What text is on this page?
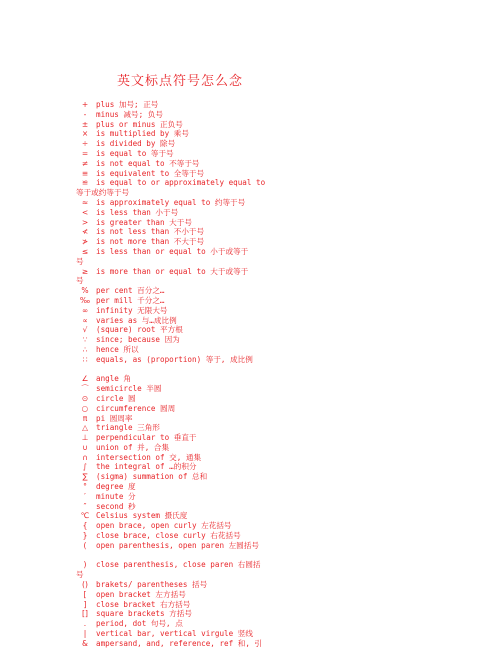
英文标点符号怎么念
+	plus 加号; 正号
-	minus 减号; 负号
±	plus or minus 正负号
×	is multiplied by 乘号
÷	is divided by 除号
=	is equal to 等于号
≠	is not equal to 不等于号
≡	is equivalent to 全等于号
≌	is equal to or approximately equal to
等于或约等于号
≈	is approximately equal to 约等于号
<	is less than 小于号
>	is greater than 大于号
≮	is not less than 不小于号
≯	is not more than 不大于号
≤	is less than or equal to 小于或等于
号
≥	is more than or equal to 大于或等于
号
% per cent 百分之…
‰ per mill 千分之…
∞	infinity 无限大号
∝	varies as 与…成比例
√	(square) root 平方根
∵	since; because 因为
∴	hence 所以
∷	equals, as (proportion) 等于, 成比例
∠ angle 角
⌒ semicircle 半圆
⊙	circle 圆
○	circumference 圆周
π	pi 圆周率
△	triangle 三角形
⊥	perpendicular to 垂直于
∪	union of 并, 合集
∩	intersection of 交, 通集
∫	the integral of …的积分
∑	(sigma) summation of 总和
°	degree 度
′	minute 分
″	second 秒
℃ Celsius system 摄氏度
{	open brace, open curly 左花括号
}	close brace, close curly 右花括号
(	open parenthesis, open paren 左圆括号
)	close parenthesis, close paren 右圆括
号
()	brakets/ parentheses 括号
[	open bracket 左方括号
]	close bracket 右方括号
[]	square brackets 方括号
.	period, dot 句号, 点
|	vertical bar, vertical virgule 竖线
&	ampersand, and, reference, ref 和, 引
